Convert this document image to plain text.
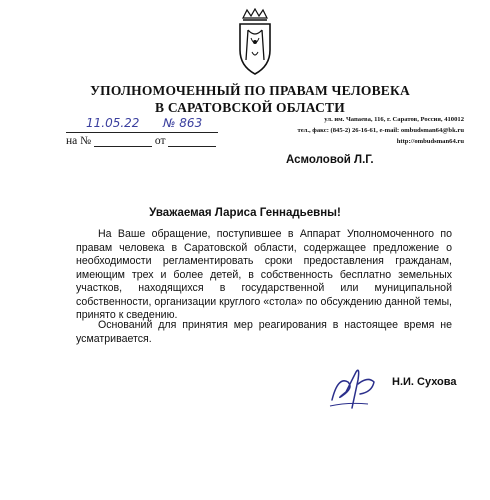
УПОЛНОМОЧЕННЫЙ ПО ПРАВАМ ЧЕЛОВЕКА
В САРАТОВСКОЙ ОБЛАСТИ
11.05.22 № 863
на №	от
ул. им. Чапаева, 116, г. Саратов, Россия, 410012
тел., факс: (845-2) 26-16-61, e-mail: ombudsman64@bk.ru
http://ombudsman64.ru
Асмоловой Л.Г.
Уважаемая Лариса Геннадьевны!
На Ваше обращение, поступившее в Аппарат Уполномоченного по правам человека в Саратовской области, содержащее предложение о необходимости регламентировать сроки предоставления гражданам, имеющим трех и более детей, в собственность бесплатно земельных участков, находящихся в государственной или муниципальной собственности, организации круглого «стола» по обсуждению данной темы, принято к сведению.
Оснований для принятия мер реагирования в настоящее время не усматривается.
Н.И. Сухова
